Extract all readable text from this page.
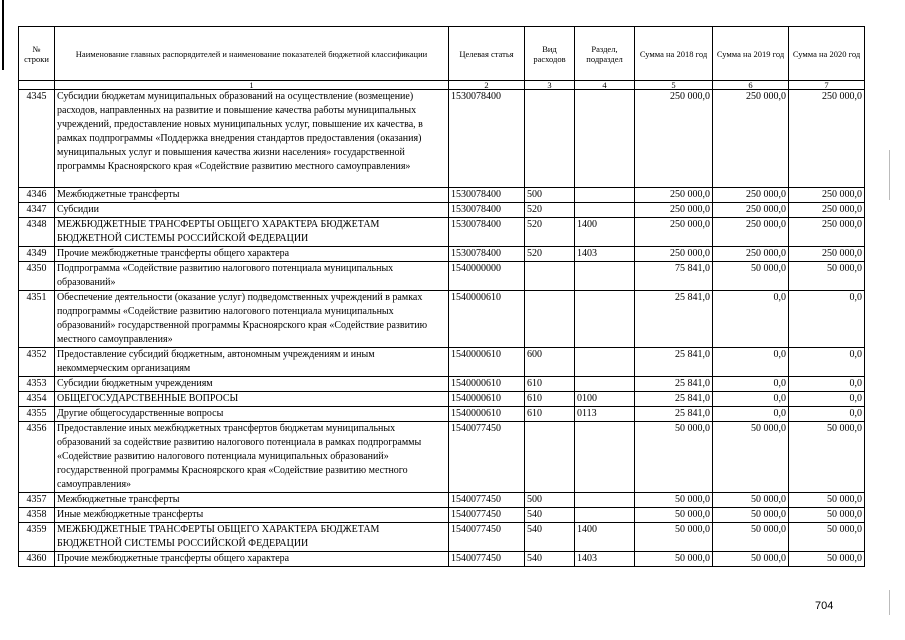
№
строки	Наименование главных распорядителей и наименование показателей бюджетной классификации	Целевая статья	Вид расходов	Раздел, подраздел	Сумма на 2018 год	Сумма на 2019 год	Сумма на 2020 год
	1	2	3	4	5	6	7
4345	Субсидии бюджетам муниципальных образований на осуществление (возмещение) расходов, направленных на развитие и повышение качества работы муниципальных учреждений, предоставление новых муниципальных услуг, повышение их качества, в рамках подпрограммы «Поддержка внедрения стандартов предоставления (оказания) муниципальных услуг и повышения качества жизни населения» государственной программы Красноярского края «Содействие развитию местного самоуправления»	1530078400			250 000,0	250 000,0	250 000,0
4346	Межбюджетные трансферты	1530078400	500		250 000,0	250 000,0	250 000,0
4347	Субсидии	1530078400	520		250 000,0	250 000,0	250 000,0
4348	МЕЖБЮДЖЕТНЫЕ ТРАНСФЕРТЫ ОБЩЕГО ХАРАКТЕРА БЮДЖЕТАМ БЮДЖЕТНОЙ СИСТЕМЫ РОССИЙСКОЙ ФЕДЕРАЦИИ	1530078400	520	1400	250 000,0	250 000,0	250 000,0
4349	Прочие межбюджетные трансферты общего характера	1530078400	520	1403	250 000,0	250 000,0	250 000,0
4350	Подпрограмма «Содействие развитию налогового потенциала муниципальных образований»	1540000000			75 841,0	50 000,0	50 000,0
4351	Обеспечение деятельности (оказание услуг) подведомственных учреждений в рамках подпрограммы «Содействие развитию налогового потенциала муниципальных образований» государственной программы Красноярского края «Содействие развитию местного самоуправления»	1540000610			25 841,0	0,0	0,0
4352	Предоставление субсидий бюджетным, автономным учреждениям и иным некоммерческим организациям	1540000610	600		25 841,0	0,0	0,0
4353	Субсидии бюджетным учреждениям	1540000610	610		25 841,0	0,0	0,0
4354	ОБЩЕГОСУДАРСТВЕННЫЕ ВОПРОСЫ	1540000610	610	0100	25 841,0	0,0	0,0
4355	Другие общегосударственные вопросы	1540000610	610	0113	25 841,0	0,0	0,0
4356	Предоставление иных межбюджетных трансфертов бюджетам муниципальных образований за содействие развитию налогового потенциала в рамках подпрограммы «Содействие развитию налогового потенциала муниципальных образований» государственной программы Красноярского края «Содействие развитию местного самоуправления»	1540077450			50 000,0	50 000,0	50 000,0
4357	Межбюджетные трансферты	1540077450	500		50 000,0	50 000,0	50 000,0
4358	Иные межбюджетные трансферты	1540077450	540		50 000,0	50 000,0	50 000,0
4359	МЕЖБЮДЖЕТНЫЕ ТРАНСФЕРТЫ ОБЩЕГО ХАРАКТЕРА БЮДЖЕТАМ БЮДЖЕТНОЙ СИСТЕМЫ РОССИЙСКОЙ ФЕДЕРАЦИИ	1540077450	540	1400	50 000,0	50 000,0	50 000,0
4360	Прочие межбюджетные трансферты общего характера	1540077450	540	1403	50 000,0	50 000,0	50 000,0
704
